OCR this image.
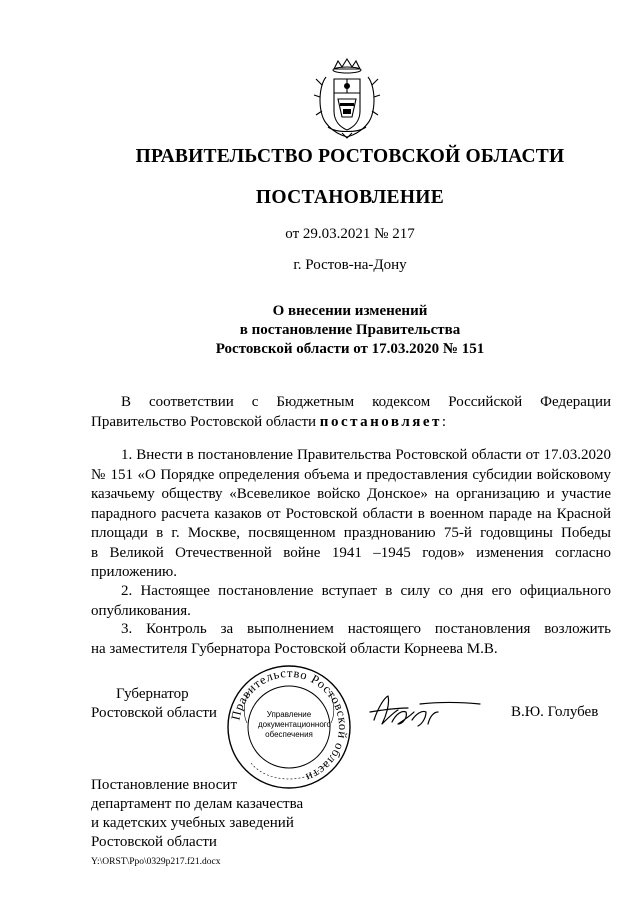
ПРАВИТЕЛЬСТВО РОСТОВСКОЙ ОБЛАСТИ
ПОСТАНОВЛЕНИЕ
от 29.03.2021 № 217
г. Ростов-на-Дону
О внесении изменений
в постановление Правительства
Ростовской области от 17.03.2020 № 151
В соответствии с Бюджетным кодексом Российской Федерации
Правительство Ростовской области постановляет:
1. Внести в постановление Правительства Ростовской области от 17.03.2020
№ 151 «О Порядке определения объема и предоставления субсидии войсковому
казачьему обществу «Всевеликое войско Донское» на организацию и участие
парадного расчета казаков от Ростовской области в военном параде на Красной
площади в г. Москве, посвященном празднованию 75-й годовщины Победы
в Великой Отечественной войне 1941 –1945 годов» изменения согласно
приложению.
2. Настоящее постановление вступает в силу со дня его официального
опубликования.
3. Контроль за выполнением настоящего постановления возложить
на заместителя Губернатора Ростовской области Корнеева М.В.
Губернатор
Ростовской области Правительство Ростовской области
Управление
документационного
обеспечения
В.Ю. Голубев
Постановление вносит
департамент по делам казачества
и кадетских учебных заведений
Ростовской области
Y:\ORST\Ppo\0329p217.f21.docx
